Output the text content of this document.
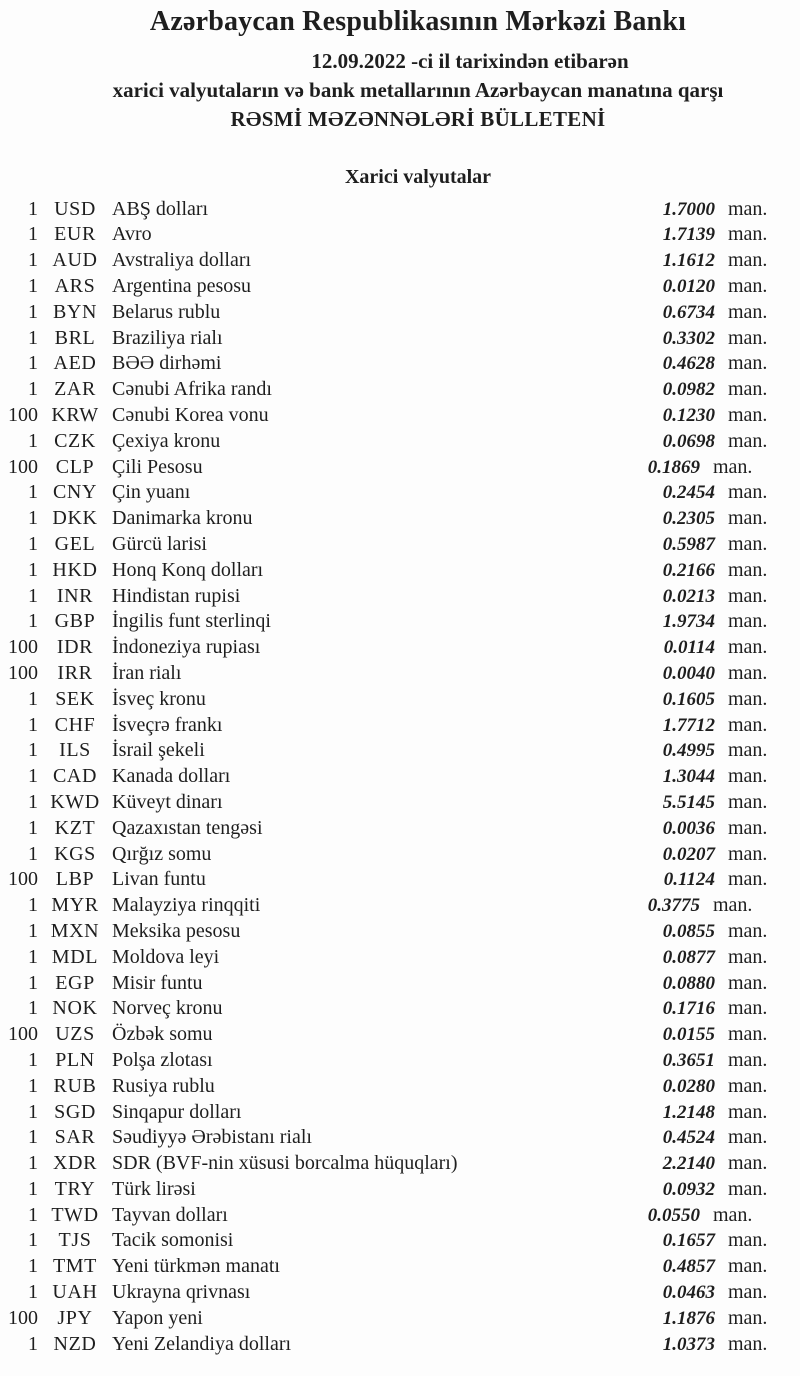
Azərbaycan Respublikasının Mərkəzi Bankı
12.09.2022 -ci il tarixindən etibarən
xarici valyutaların və bank metallarının Azərbaycan manatına qarşı
RƏSMİ MƏZƏNNƏLƏRİ BÜLLETENİ
Xarici valyutalar
1 USD ABŞ dolları	1.7000 man.
1 EUR Avro	1.7139 man.
1 AUD Avstraliya dolları	1.1612 man.
1 ARS Argentina pesosu	0.0120 man.
1 BYN Belarus rublu	0.6734 man.
1 BRL Braziliya rialı	0.3302 man.
1 AED BƏƏ dirhəmi	0.4628 man.
1 ZAR Cənubi Afrika randı	0.0982 man.
100 KRW Cənubi Korea vonu	0.1230 man.
1 CZK Çexiya kronu	0.0698 man.
100 CLP Çili Pesosu	0.1869 man.
1 CNY Çin yuanı	0.2454 man.
1 DKK Danimarka kronu	0.2305 man.
1 GEL Gürcü larisi	0.5987 man.
1 HKD Honq Konq dolları	0.2166 man.
1 INR Hindistan rupisi	0.0213 man.
1 GBP İngilis funt sterlinqi	1.9734 man.
100 IDR İndoneziya rupiası	0.0114 man.
100 IRR İran rialı	0.0040 man.
1 SEK İsveç kronu	0.1605 man.
1 CHF İsveçrə frankı	1.7712 man.
1	ILS	İsrail şekeli	0.4995 man.
1 CAD Kanada dolları	1.3044 man.
1 KWD Küveyt dinarı	5.5145 man.
1 KZT Qazaxıstan tengəsi	0.0036 man.
1 KGS Qırğız somu	0.0207 man.
100 LBP Livan funtu	0.1124 man.
1 MYR Malayziya rinqqiti	0.3775 man.
1 MXN Meksika pesosu	0.0855 man.
1 MDL Moldova leyi	0.0877 man.
1 EGP Misir funtu	0.0880 man.
1 NOK Norveç kronu	0.1716 man.
100 UZS Özbək somu	0.0155 man.
1 PLN Polşa zlotası	0.3651 man.
1 RUB Rusiya rublu	0.0280 man.
1 SGD Sinqapur dolları	1.2148 man.
1 SAR Səudiyyə Ərəbistanı rialı	0.4524 man.
1 XDR SDR (BVF-nin xüsusi borcalma hüquqları)	2.2140 man.
1 TRY Türk lirəsi	0.0932 man.
1 TWD Tayvan dolları	0.0550 man.
1	TJS	Tacik somonisi	0.1657 man.
1 TMT Yeni türkmən manatı	0.4857 man.
1 UAH Ukrayna qrivnası	0.0463 man.
100 JPY Yapon yeni	1.1876 man.
1 NZD Yeni Zelandiya dolları	1.0373 man.
